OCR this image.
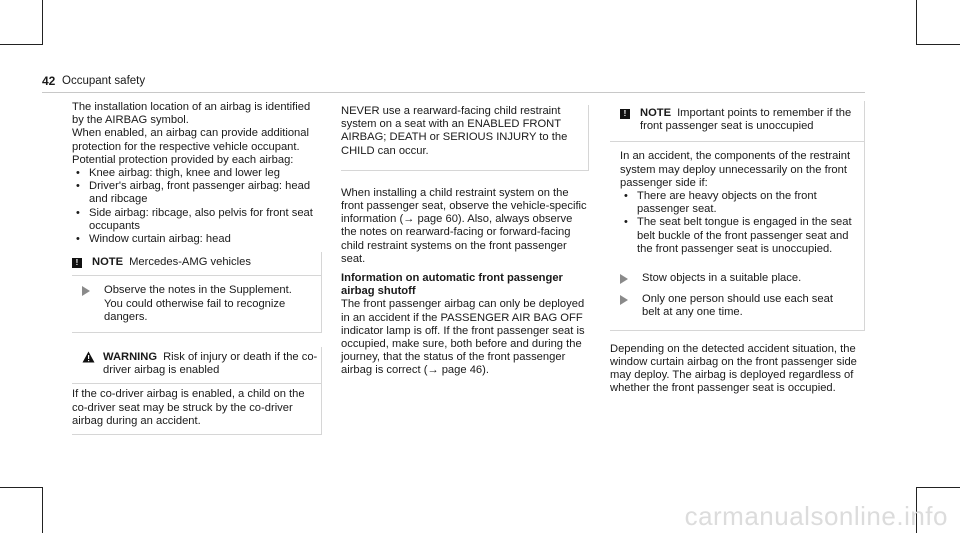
42 Occupant safety

The installation location of an airbag is identified by the AIRBAG symbol.

When enabled, an airbag can provide additional protection for the respective vehicle occupant.

Potential protection provided by each airbag:

• Knee airbag: thigh, knee and lower leg
• Driver's airbag, front passenger airbag: head and ribcage
• Side airbag: ribcage, also pelvis for front seat occupants
• Window curtain airbag: head
!	NOTE Mercedes-AMG vehicles
Observe the notes in the Supplement. You could otherwise fail to recognize dangers.
WARNING Risk of injury or death if the co-driver airbag is enabled

If the co-driver airbag is enabled, a child on the co-driver seat may be struck by the co-driver airbag during an accident.

NEVER use a rearward-facing child restraint system on a seat with an ENABLED FRONT AIRBAG; DEATH or SERIOUS INJURY to the CHILD can occur.

When installing a child restraint system on the front passenger seat, observe the vehicle-specific information (→ page 60). Also, always observe the notes on rearward-facing or forward-facing child restraint systems on the front passenger seat.

Information on automatic front passenger airbag shutoff

The front passenger airbag can only be deployed in an accident if the PASSENGER AIR BAG OFF indicator lamp is off. If the front passenger seat is occupied, make sure, both before and during the journey, that the status of the front passenger airbag is correct (→ page 46).

!	NOTE Important points to remember if the front passenger seat is unoccupied

In an accident, the components of the restraint system may deploy unnecessarily on the front passenger side if:

• There are heavy objects on the front passenger seat.
• The seat belt tongue is engaged in the seat belt buckle of the front passenger seat and the front passenger seat is unoccupied.
Stow objects in a suitable place.
Only one person should use each seat belt at any one time.

Depending on the detected accident situation, the window curtain airbag on the front passenger side may deploy. The airbag is deployed regardless of whether the front passenger seat is occupied.

carmanualsonline.info
